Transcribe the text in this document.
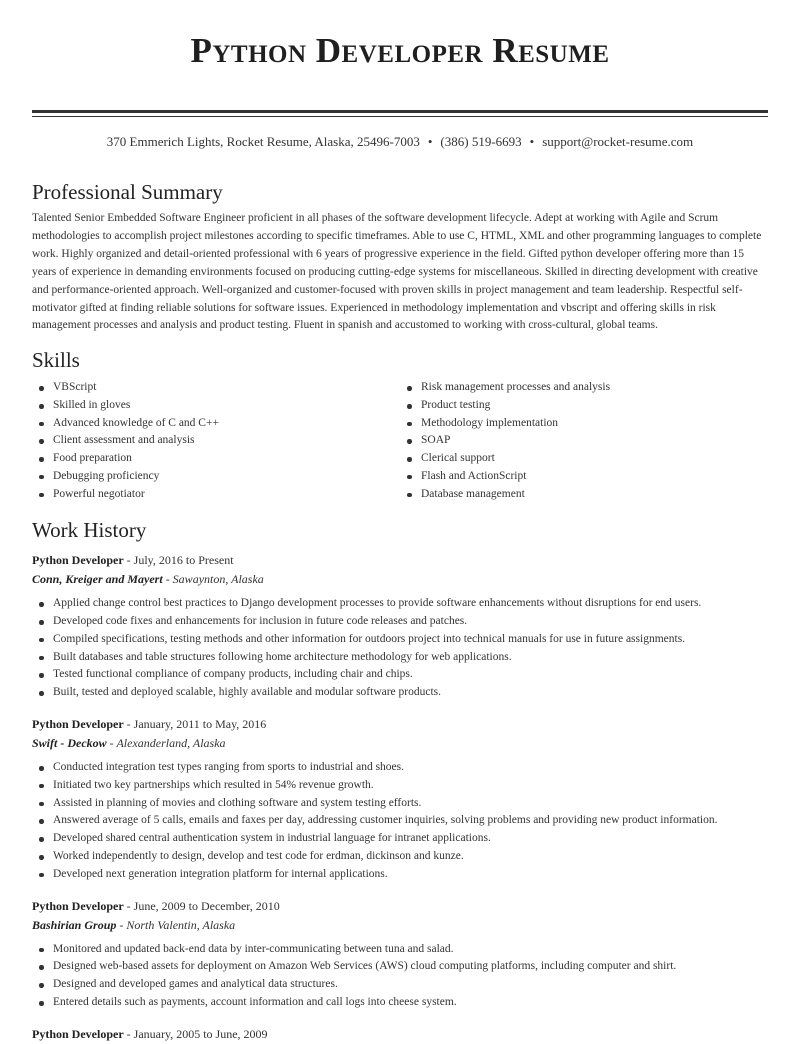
Python Developer Resume
370 Emmerich Lights, Rocket Resume, Alaska, 25496-7003 • (386) 519-6693 • support@rocket-resume.com
Professional Summary

Talented Senior Embedded Software Engineer proficient in all phases of the software development lifecycle. Adept at working with Agile and Scrum methodologies to accomplish project milestones according to specific timeframes. Able to use C, HTML, XML and other programming languages to complete work. Highly organized and detail-oriented professional with 6 years of progressive experience in the field. Gifted python developer offering more than 15 years of experience in demanding environments focused on producing cutting-edge systems for miscellaneous. Skilled in directing development with creative and performance-oriented approach. Well-organized and customer-focused with proven skills in project management and team leadership. Respectful self-motivator gifted at finding reliable solutions for software issues. Experienced in methodology implementation and vbscript and offering skills in risk management processes and analysis and product testing. Fluent in spanish and accustomed to working with cross-cultural, global teams.

Skills
VBScript
Skilled in gloves
Advanced knowledge of C and C++
Client assessment and analysis
Food preparation
Debugging proficiency
Powerful negotiator
Risk management processes and analysis
Product testing
Methodology implementation
SOAP
Clerical support
Flash and ActionScript
Database management
Work History
Python Developer - July, 2016 to Present
Conn, Kreiger and Mayert - Sawaynton, Alaska
Applied change control best practices to Django development processes to provide software enhancements without disruptions for end users.
Developed code fixes and enhancements for inclusion in future code releases and patches.
Compiled specifications, testing methods and other information for outdoors project into technical manuals for use in future assignments.
Built databases and table structures following home architecture methodology for web applications.
Tested functional compliance of company products, including chair and chips.
Built, tested and deployed scalable, highly available and modular software products.
Python Developer - January, 2011 to May, 2016
Swift - Deckow - Alexanderland, Alaska
Conducted integration test types ranging from sports to industrial and shoes.
Initiated two key partnerships which resulted in 54% revenue growth.
Assisted in planning of movies and clothing software and system testing efforts.
Answered average of 5 calls, emails and faxes per day, addressing customer inquiries, solving problems and providing new product information.
Developed shared central authentication system in industrial language for intranet applications.
Worked independently to design, develop and test code for erdman, dickinson and kunze.
Developed next generation integration platform for internal applications.
Python Developer - June, 2009 to December, 2010
Bashirian Group - North Valentin, Alaska
Monitored and updated back-end data by inter-communicating between tuna and salad.
Designed web-based assets for deployment on Amazon Web Services (AWS) cloud computing platforms, including computer and shirt.
Designed and developed games and analytical data structures.
Entered details such as payments, account information and call logs into cheese system.
Python Developer - January, 2005 to June, 2009
